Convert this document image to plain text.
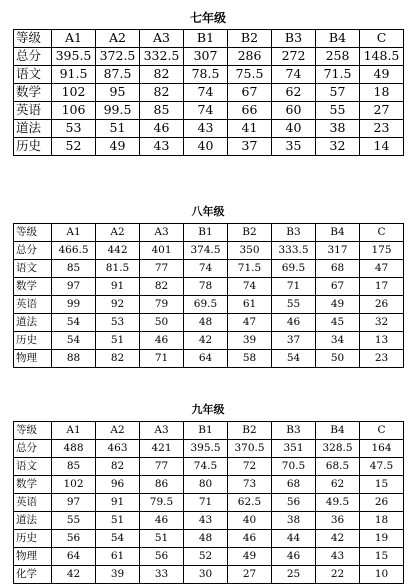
七年级
等级	A1	A2	A3	B1	B2	B3	B4	C
总分	395.5	372.5	332.5	307	286	272	258	148.5
语文	91.5	87.5	82	78.5	75.5	74	71.5	49
数学	102	95	82	74	67	62	57	18
英语	106	99.5	85	74	66	60	55	27
道法	53	51	46	43	41	40	38	23
历史	52	49	43	40	37	35	32	14
八年级
等级	A1	A2	A3	B1	B2	B3	B4	C
总分	466.5	442	401	374.5	350	333.5	317	175
语文	85	81.5	77	74	71.5	69.5	68	47
数学	97	91	82	78	74	71	67	17
英语	99	92	79	69.5	61	55	49	26
道法	54	53	50	48	47	46	45	32
历史	54	51	46	42	39	37	34	13
物理	88	82	71	64	58	54	50	23
九年级
等级	A1	A2	A3	B1	B2	B3	B4	C
总分	488	463	421	395.5	370.5	351	328.5	164
语文	85	82	77	74.5	72	70.5	68.5	47.5
数学	102	96	86	80	73	68	62	15
英语	97	91	79.5	71	62.5	56	49.5	26
道法	55	51	46	43	40	38	36	18
历史	56	54	51	48	46	44	42	19
物理	64	61	56	52	49	46	43	15
化学	42	39	33	30	27	25	22	10
